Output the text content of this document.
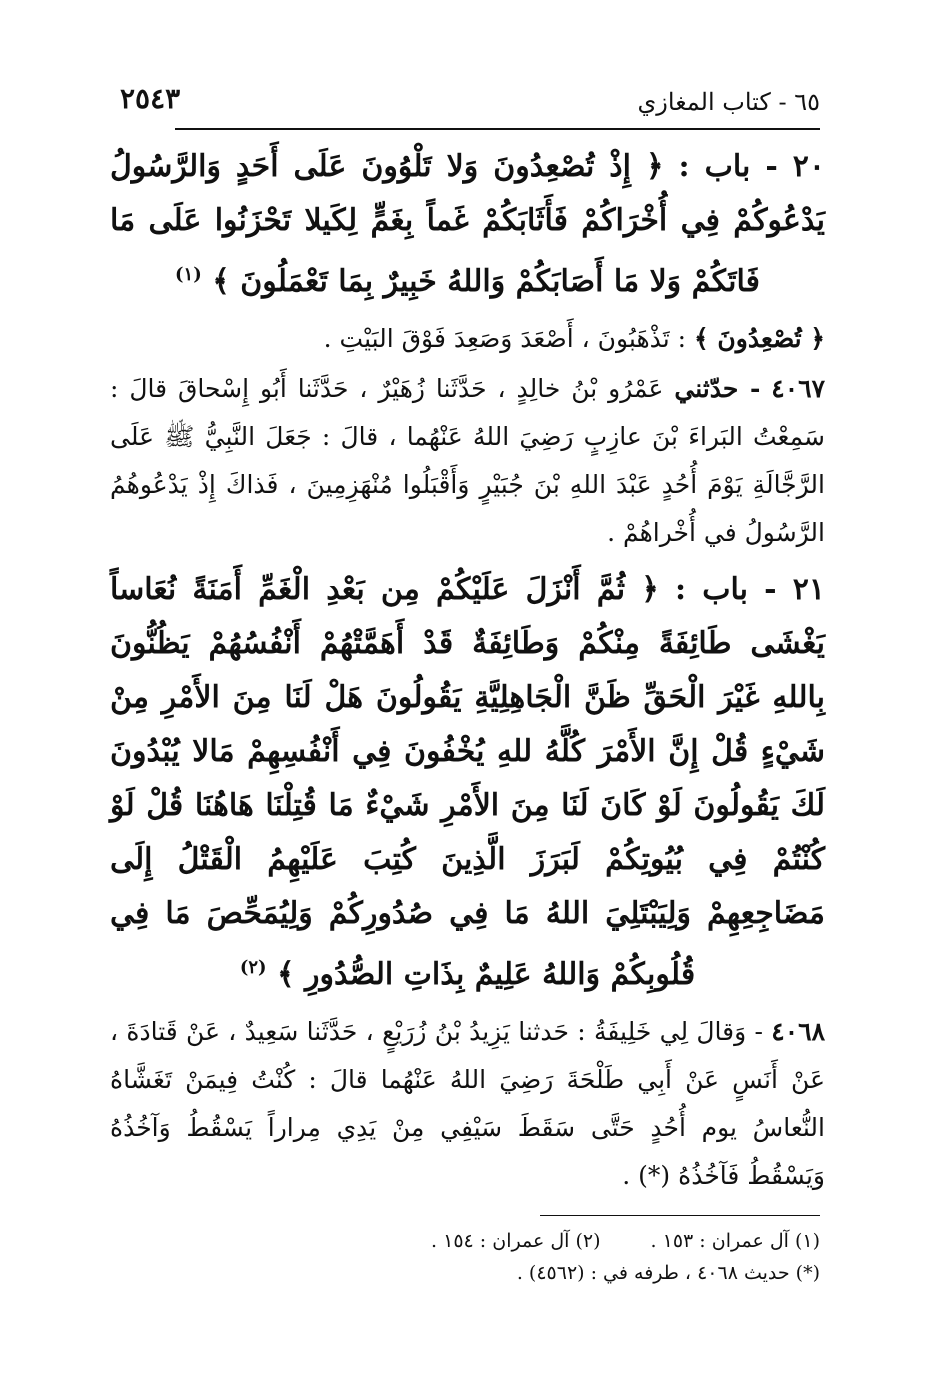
٦٥ - كتاب المغازي
٢٥٤٣

٢٠ - باب : ﴿ إِذْ تُصْعِدُونَ وَلا تَلْوُونَ عَلَى أَحَدٍ وَالرَّسُولُ يَدْعُوكُمْ فِي أُخْرَاكُمْ فَأَثَابَكُمْ غَماً بِغَمٍّ لِكَيلا تَحْزَنُوا عَلَى مَا فَاتَكُمْ وَلا مَا أَصَابَكُمْ وَاللهُ خَبِيرٌ بِمَا تَعْمَلُونَ ﴾ $^{(١)}$

﴿ تُصْعِدُونَ ﴾ : تَذْهَبُونَ ، أَصْعَدَ وَصَعِدَ فَوْقَ البَيْتِ .

٤٠٦٧ - حدّثني عَمْرُو بْنُ خالِدٍ ، حَدَّثَنا زُهَيْرٌ ، حَدَّثَنا أَبُو إِسْحاقَ قالَ : سَمِعْتُ البَراءَ بْنَ عازِبٍ رَضِيَ اللهُ عَنْهُما ، قالَ : جَعَلَ النَّبِيُّ ﷺ عَلَى الرَّجَّالَةِ يَوْمَ أُحُدٍ عَبْدَ اللهِ بْنَ جُبَيْرٍ وَأَقْبَلُوا مُنْهَزِمِينَ ، فَذاكَ إِذْ يَدْعُوهُمُ الرَّسُولُ في أُخْراهُمْ .

٢١ - باب : ﴿ ثُمَّ أَنْزَلَ عَلَيْكُمْ مِن بَعْدِ الْغَمِّ أَمَنَةً نُعَاساً يَغْشَى طَائِفَةً مِنْكُمْ وَطَائِفَةٌ قَدْ أَهَمَّتْهُمْ أَنْفُسُهُمْ يَظُنُّونَ بِاللهِ غَيْرَ الْحَقِّ ظَنَّ الْجَاهِلِيَّةِ يَقُولُونَ هَلْ لَنَا مِنَ الأَمْرِ مِنْ شَيْءٍ قُلْ إِنَّ الأَمْرَ كُلَّهُ للهِ يُخْفُونَ فِي أَنْفُسِهِمْ مَالا يُبْدُونَ لَكَ يَقُولُونَ لَوْ كَانَ لَنَا مِنَ الأَمْرِ شَيْءٌ مَا قُتِلْنَا هَاهُنَا قُلْ لَوْ كُنْتُمْ فِي بُيُوتِكُمْ لَبَرَزَ الَّذِينَ كُتِبَ عَلَيْهِمُ الْقَتْلُ إِلَى مَضَاجِعِهِمْ وَلِيَبْتَلِيَ اللهُ مَا فِي صُدُورِكُمْ وَلِيُمَحِّصَ مَا فِي قُلُوبِكُمْ وَاللهُ عَلِيمٌ بِذَاتِ الصُّدُورِ ﴾ $^{(٢)}$

٤٠٦٨ - وَقالَ لِي خَلِيفَةُ : حَدثنا يَزِيدُ بْنُ زُرَيْعٍ ، حَدَّثَنا سَعِيدٌ ، عَنْ قَتادَةَ ، عَنْ أَنَسٍ عَنْ أَبِي طَلْحَةَ رَضِيَ اللهُ عَنْهُما قالَ : كُنْتُ فِيمَنْ تَغَشَّاهُ النُّعاسُ يوم أُحُدٍ حَتَّى سَقَطَ سَيْفِي مِنْ يَدِي مِراراً يَسْقُطُ وَآخُذُهُ وَيَسْقُطُ فَآخُذُهُ (*) .

(١) آل عمران : ١٥٣ . (٢) آل عمران : ١٥٤ .
(*) حديث ٤٠٦٨ ، طرفه في : (٤٥٦٢) .
